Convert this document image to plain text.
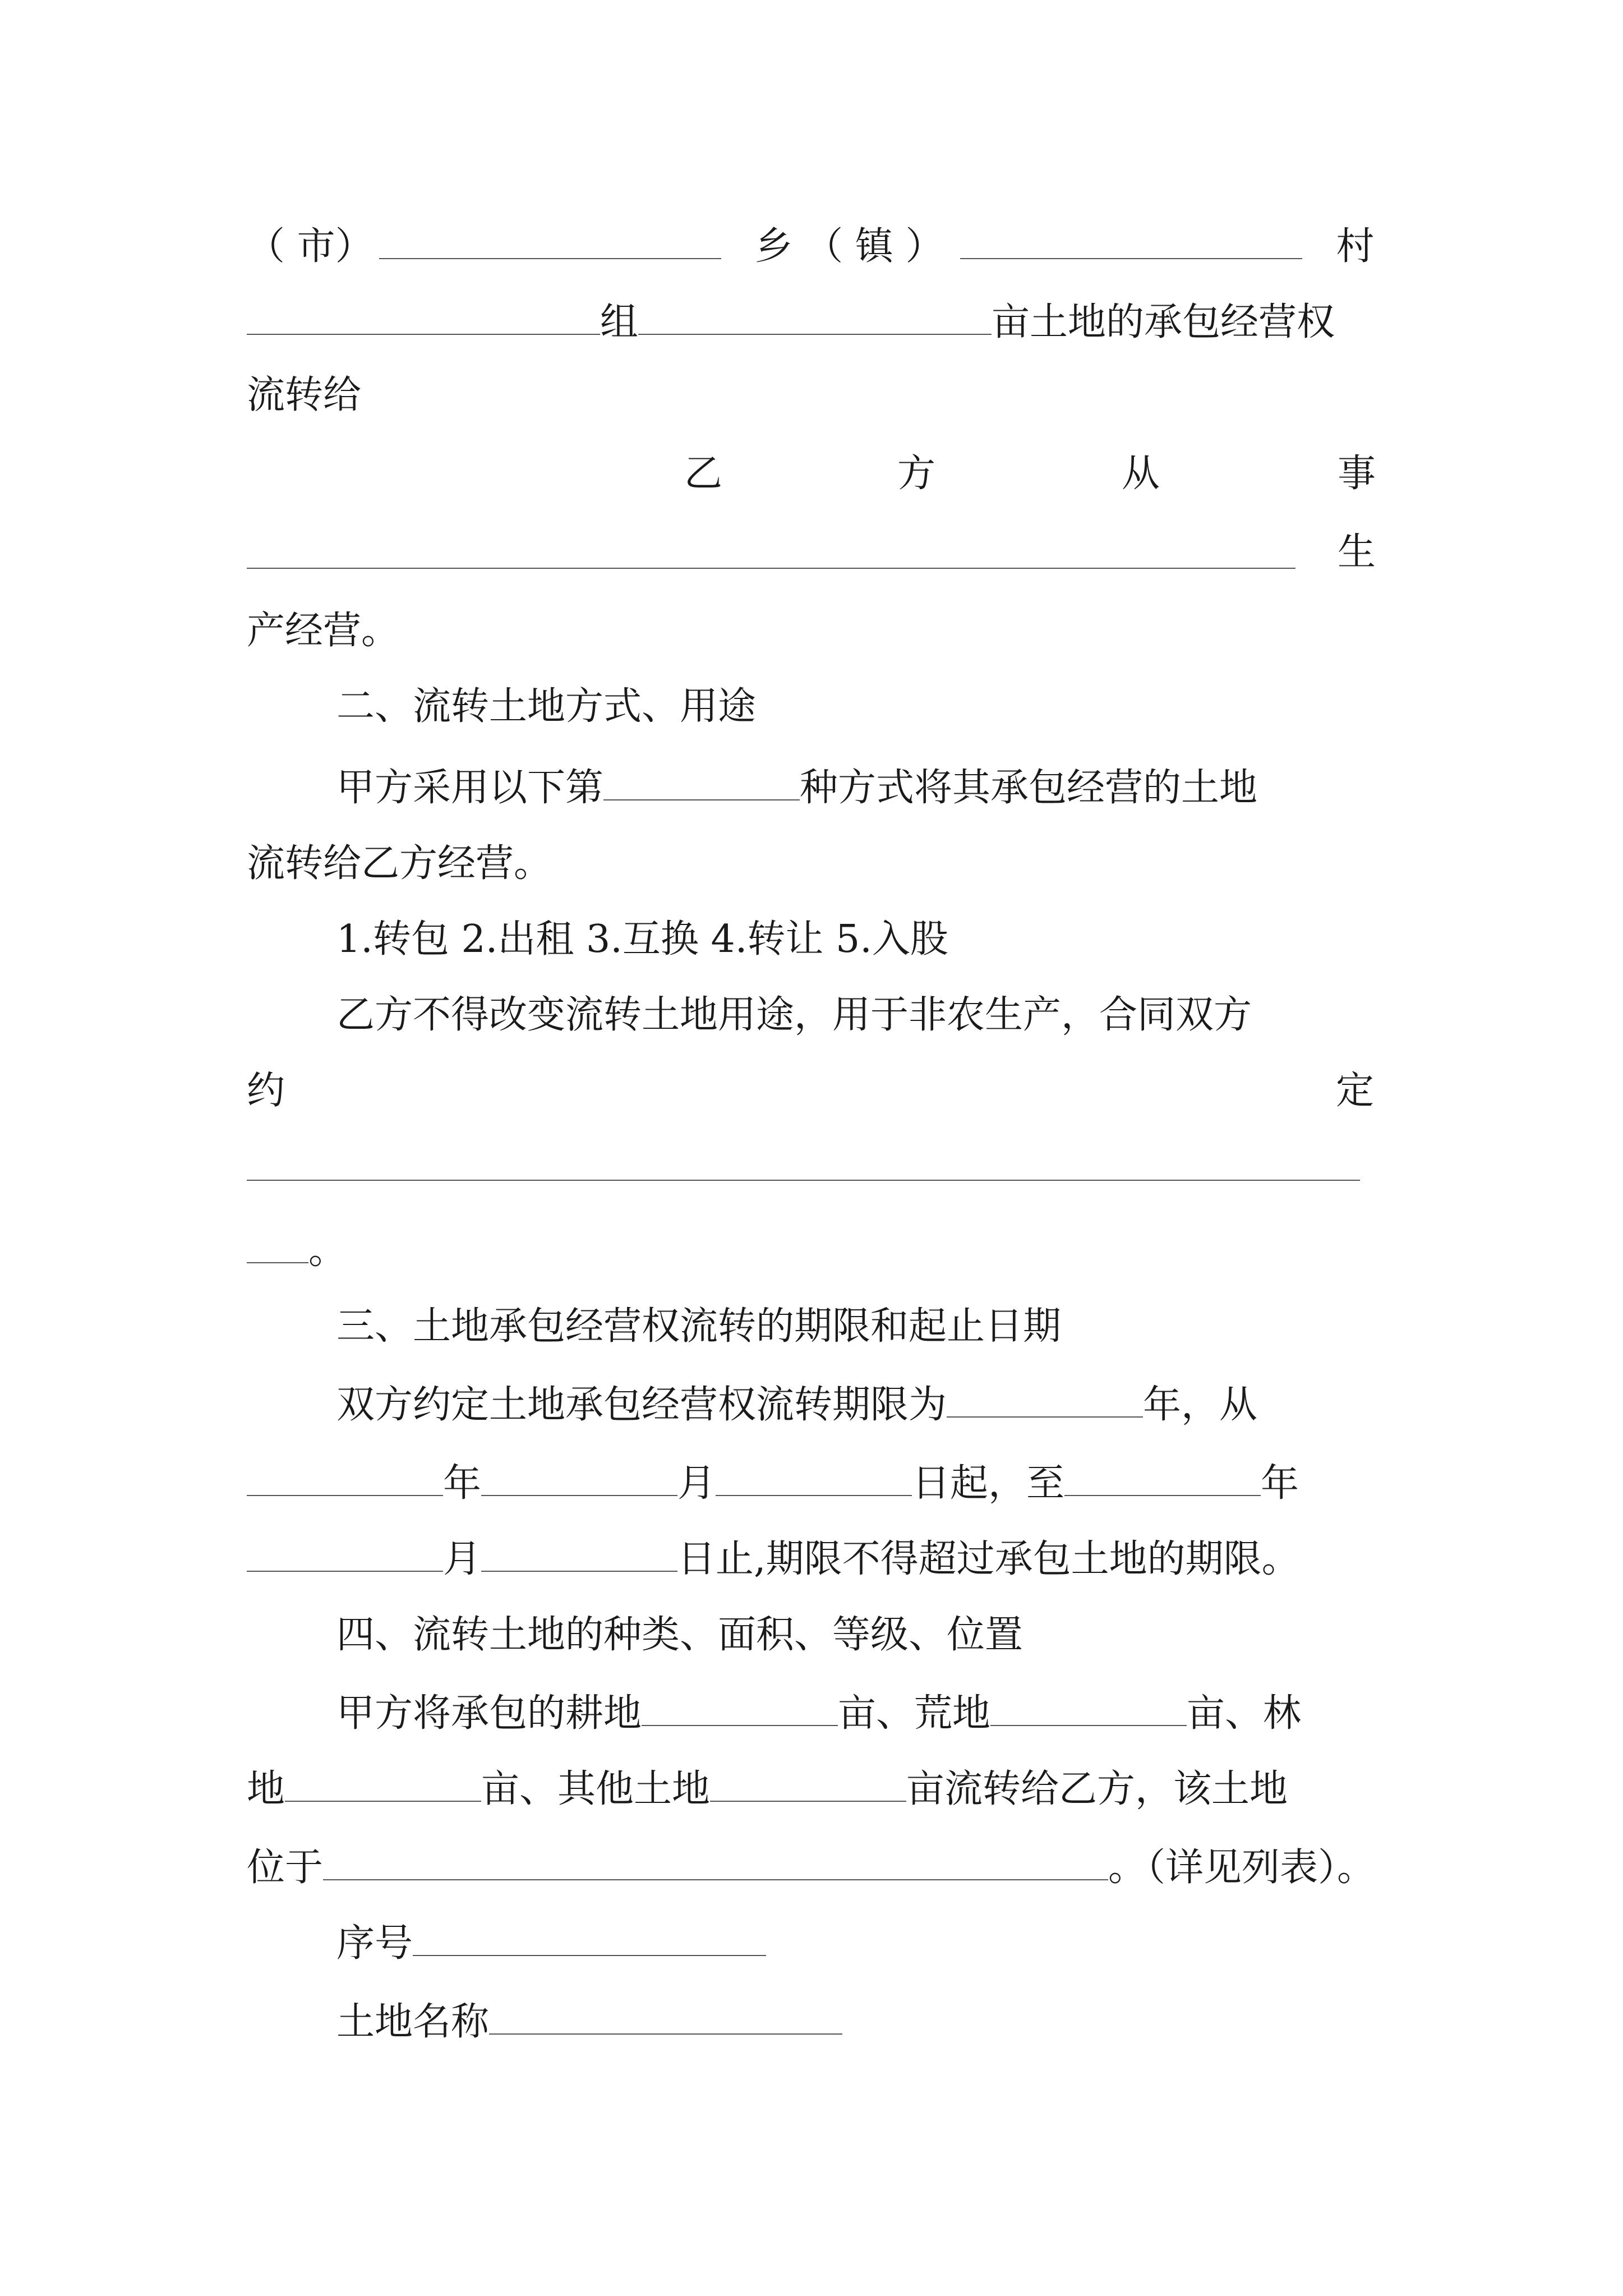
（ 市）	乡 （ 镇 ）	村
组	亩土地的承包经营权
流转给
乙	方	从	事
生
产经营。
二、流转土地方式、用途
甲方采用以下第	种方式将其承包经营的土地
流转给乙方经营。
1.转包 2.出租 3.互换 4.转让 5.入股
乙方不得改变流转土地用途，用于非农生产，合同双方
约	定
。
三、土地承包经营权流转的期限和起止日期
双方约定土地承包经营权流转期限为	年，从
年	月	日起，至	年
月	日止,期限不得超过承包土地的期限。
四、流转土地的种类、面积、等级、位置
甲方将承包的耕地	亩、荒地	亩、林
地	亩、其他土地	亩流转给乙方，该土地
位于	。（详见列表）。
序号
土地名称
